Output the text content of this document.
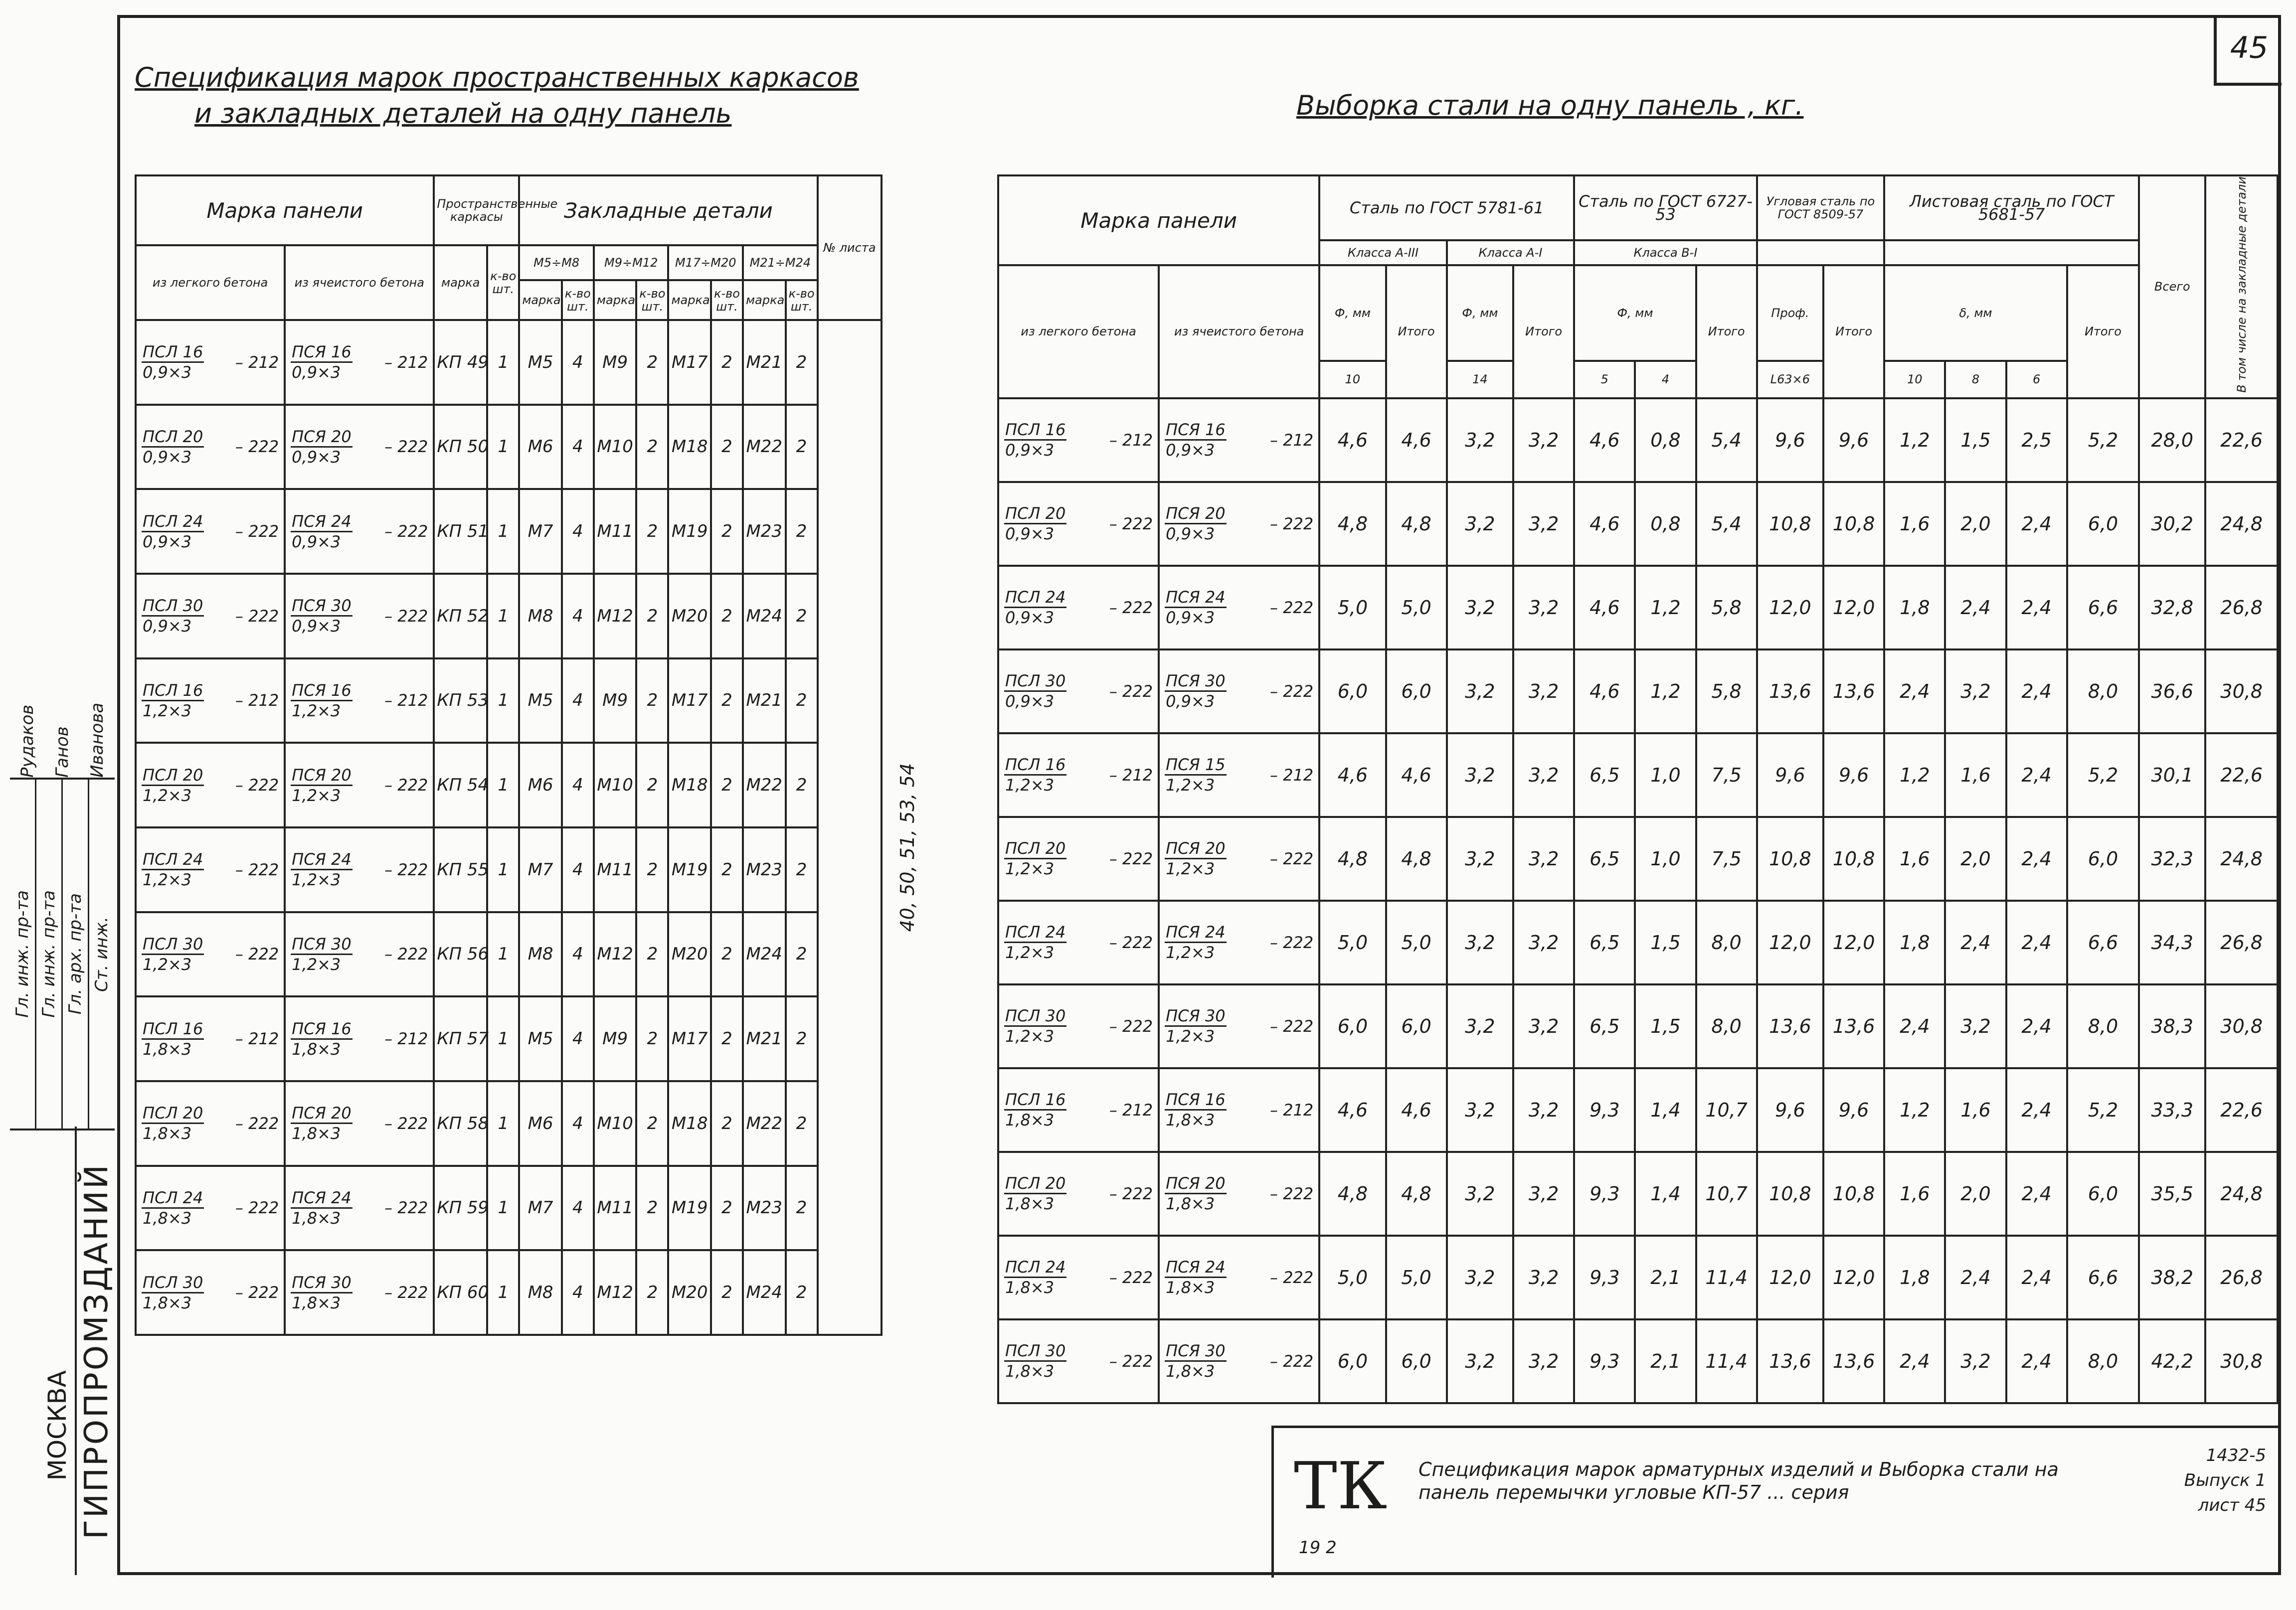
45
Спецификация марок пространственных каркасов
и закладных деталей на одну панель	Выборка стали на одну панель , кг.
Марка панели		Пространственные каркасы		Закладные детали								№ листа
из легкого бетона	из ячеистого бетона	марка	к-во шт.	M5÷M8		M9÷M12		M17÷M20		M21÷M24		
				марка	к-во шт.	марка	к-во шт.	марка	к-во шт.	марка	к-во шт.	

$\frac{\text{ПСЛ 16}}{0,9\times 3} - 212$	$\frac{\text{ПСЯ 16}}{0,9\times 3} - 212$	КП 49	1	M5	4	M9	2	M17	2	M21	2	

$\frac{\text{ПСЛ 20}}{0,9\times 3} - 222$	$\frac{\text{ПСЯ 20}}{0,9\times 3} - 222$	КП 50	1	M6	4	M10	2	M18	2	M22	2	

$\frac{\text{ПСЛ 24}}{0,9\times 3} - 222$	$\frac{\text{ПСЯ 24}}{0,9\times 3} - 222$	КП 51	1	M7	4	M11	2	M19	2	M23	2	

$\frac{\text{ПСЛ 30}}{0,9\times 3} - 222$	$\frac{\text{ПСЯ 30}}{0,9\times 3} - 222$	КП 52	1	M8	4	M12	2	M20	2	M24	2	

$\frac{\text{ПСЛ 16}}{1,2\times 3} - 212$	$\frac{\text{ПСЯ 16}}{1,2\times 3} - 212$	КП 53	1	M5	4	M9	2	M17	2	M21	2	

$\frac{\text{ПСЛ 20}}{1,2\times 3} - 222$	$\frac{\text{ПСЯ 20}}{1,2\times 3} - 222$	КП 54	1	M6	4	M10	2	M18	2	M22	2	

$\frac{\text{ПСЛ 24}}{1,2\times 3} - 222$	$\frac{\text{ПСЯ 24}}{1,2\times 3} - 222$	КП 55	1	M7	4	M11	2	M19	2	M23	2	

$\frac{\text{ПСЛ 30}}{1,2\times 3} - 222$	$\frac{\text{ПСЯ 30}}{1,2\times 3} - 222$	КП 56	1	M8	4	M12	2	M20	2	M24	2	

$\frac{\text{ПСЛ 16}}{1,8\times 3} - 212$	$\frac{\text{ПСЯ 16}}{1,8\times 3} - 212$	КП 57	1	M5	4	M9	2	M17	2	M21	2	

$\frac{\text{ПСЛ 20}}{1,8\times 3} - 222$	$\frac{\text{ПСЯ 20}}{1,8\times 3} - 222$	КП 58	1	M6	4	M10	2	M18	2	M22	2	

$\frac{\text{ПСЛ 24}}{1,8\times 3} - 222$	$\frac{\text{ПСЯ 24}}{1,8\times 3} - 222$	КП 59	1	M7	4	M11	2	M19	2	M23	2	

$\frac{\text{ПСЛ 30}}{1,8\times 3} - 222$	$\frac{\text{ПСЯ 30}}{1,8\times 3} - 222$	КП 60	1	M8	4	M12	2	M20	2	M24	2	
Марка панели		Сталь по ГОСТ 5781-61				Сталь по ГОСТ 6727-53			Угловая сталь по ГОСТ 8509-57		Листовая сталь по ГОСТ 5681-57				Всего	В том числе на закладные детали
		Класса А-III		Класса А-I		Класса В-I										
из легкого бетона	из ячеистого бетона	Ф, мм	Итого	Ф, мм	Итого	Ф, мм		Итого	Проф.	Итого	δ, мм			Итого		
		10		14		5	4		L63×6		10	8	6			

$\frac{\text{ПСЛ 16}}{0,9\times 3} - 212$	$\frac{\text{ПСЯ 16}}{0,9\times 3} - 212$	4,6	4,6	3,2	3,2	4,6	0,8	5,4	9,6	9,6	1,2	1,5	2,5	5,2	28,0	22,6

$\frac{\text{ПСЛ 20}}{0,9\times 3} - 222$	$\frac{\text{ПСЯ 20}}{0,9\times 3} - 222$	4,8	4,8	3,2	3,2	4,6	0,8	5,4	10,8	10,8	1,6	2,0	2,4	6,0	30,2	24,8

$\frac{\text{ПСЛ 24}}{0,9\times 3} - 222$	$\frac{\text{ПСЯ 24}}{0,9\times 3} - 222$	5,0	5,0	3,2	3,2	4,6	1,2	5,8	12,0	12,0	1,8	2,4	2,4	6,6	32,8	26,8

$\frac{\text{ПСЛ 30}}{0,9\times 3} - 222$	$\frac{\text{ПСЯ 30}}{0,9\times 3} - 222$	6,0	6,0	3,2	3,2	4,6	1,2	5,8	13,6	13,6	2,4	3,2	2,4	8,0	36,6	30,8

$\frac{\text{ПСЛ 16}}{1,2\times 3} - 212$	$\frac{\text{ПСЯ 15}}{1,2\times 3} - 212$	4,6	4,6	3,2	3,2	6,5	1,0	7,5	9,6	9,6	1,2	1,6	2,4	5,2	30,1	22,6

$\frac{\text{ПСЛ 20}}{1,2\times 3} - 222$	$\frac{\text{ПСЯ 20}}{1,2\times 3} - 222$	4,8	4,8	3,2	3,2	6,5	1,0	7,5	10,8	10,8	1,6	2,0	2,4	6,0	32,3	24,8

$\frac{\text{ПСЛ 24}}{1,2\times 3} - 222$	$\frac{\text{ПСЯ 24}}{1,2\times 3} - 222$	5,0	5,0	3,2	3,2	6,5	1,5	8,0	12,0	12,0	1,8	2,4	2,4	6,6	34,3	26,8

$\frac{\text{ПСЛ 30}}{1,2\times 3} - 222$	$\frac{\text{ПСЯ 30}}{1,2\times 3} - 222$	6,0	6,0	3,2	3,2	6,5	1,5	8,0	13,6	13,6	2,4	3,2	2,4	8,0	38,3	30,8

$\frac{\text{ПСЛ 16}}{1,8\times 3} - 212$	$\frac{\text{ПСЯ 16}}{1,8\times 3} - 212$	4,6	4,6	3,2	3,2	9,3	1,4	10,7	9,6	9,6	1,2	1,6	2,4	5,2	33,3	22,6

$\frac{\text{ПСЛ 20}}{1,8\times 3} - 222$	$\frac{\text{ПСЯ 20}}{1,8\times 3} - 222$	4,8	4,8	3,2	3,2	9,3	1,4	10,7	10,8	10,8	1,6	2,0	2,4	6,0	35,5	24,8

$\frac{\text{ПСЛ 24}}{1,8\times 3} - 222$	$\frac{\text{ПСЯ 24}}{1,8\times 3} - 222$	5,0	5,0	3,2	3,2	9,3	2,1	11,4	12,0	12,0	1,8	2,4	2,4	6,6	38,2	26,8

$\frac{\text{ПСЛ 30}}{1,8\times 3} - 222$	$\frac{\text{ПСЯ 30}}{1,8\times 3} - 222$	6,0	6,0	3,2	3,2	9,3	2,1	11,4	13,6	13,6	2,4	3,2	2,4	8,0	42,2	30,8
40, 50, 51, 53, 54
ГИПРОПРОМЗДАНИЙ
МОСКВА
Гл. инж. пр-та Гл. инж. пр-та Гл. арх. пр-та Ст. инж.
Рудаков Ганов Иванова
ТК
19 2
Спецификация марок арматурных изделий и Выборка стали на панель перемычки угловые КП-57 ... серия
1432-5
Выпуск 1
лист 45
